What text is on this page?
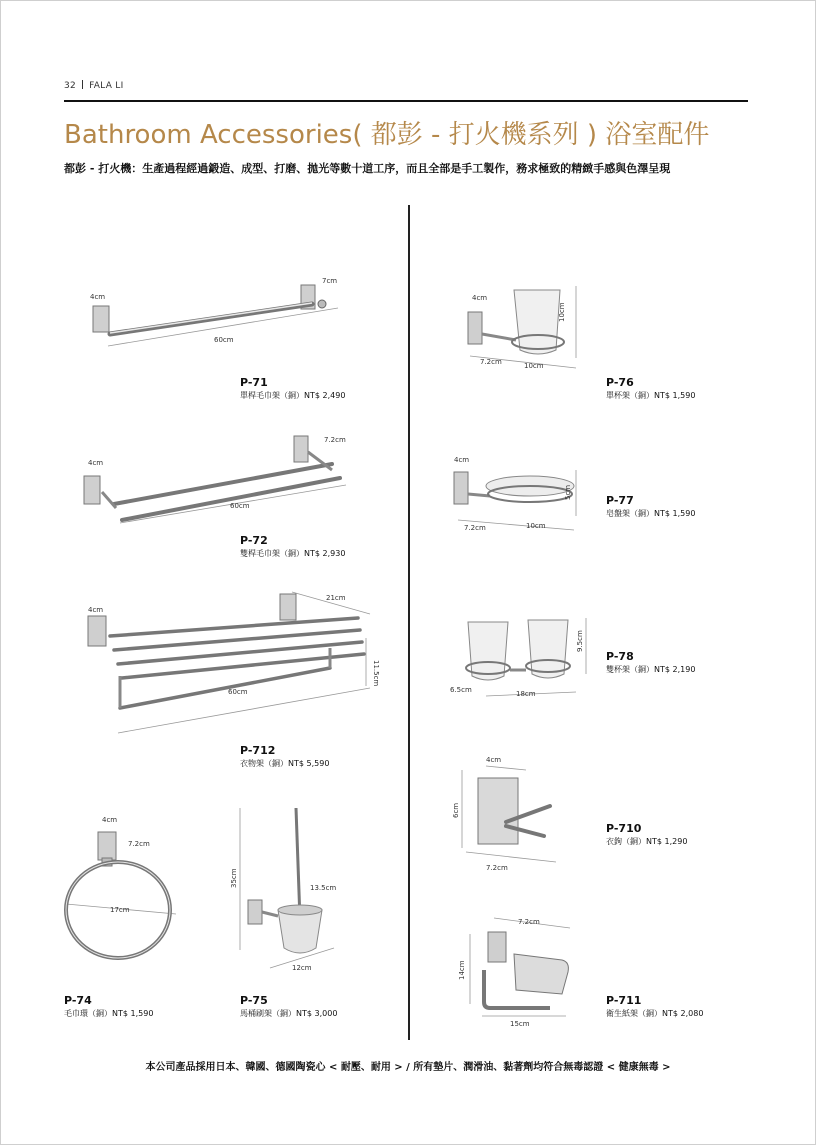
32 FALA LI
Bathroom Accessories( 都彭 - 打火機系列 ) 浴室配件
都彭 - 打火機：生產過程經過鍛造、成型、打磨、拋光等數十道工序，而且全部是手工製作，務求極致的精緻手感與色澤呈現
4cm
7cm
60cm
P-71
單桿毛巾架（銅）NT$ 2,490
4cm
7.2cm
60cm
P-72
雙桿毛巾架（銅）NT$ 2,930
4cm
21cm
60cm
11.5cm
P-712
衣物架（銅）NT$ 5,590
4cm
7.2cm
17cm
P-74
毛巾環（銅）NT$ 1,590
35cm	13.5cm
12cm
P-75
馬桶刷架（銅）NT$ 3,000
4cm
10cm
7.2cm	10cm
P-76
單杯架（銅）NT$ 1,590
4cm
5cm
7.2cm	10cm
P-77
皂盤架（銅）NT$ 1,590
9.5cm
6.5cm	18cm
P-78
雙杯架（銅）NT$ 2,190
4cm
6cm
7.2cm
P-710
衣鉤（銅）NT$ 1,290
7.2cm
14cm
15cm
P-711
衛生紙架（銅）NT$ 2,080
本公司產品採用日本、韓國、德國陶瓷心 < 耐壓、耐用 > / 所有墊片、潤滑油、黏著劑均符合無毒認證 < 健康無毒 >
